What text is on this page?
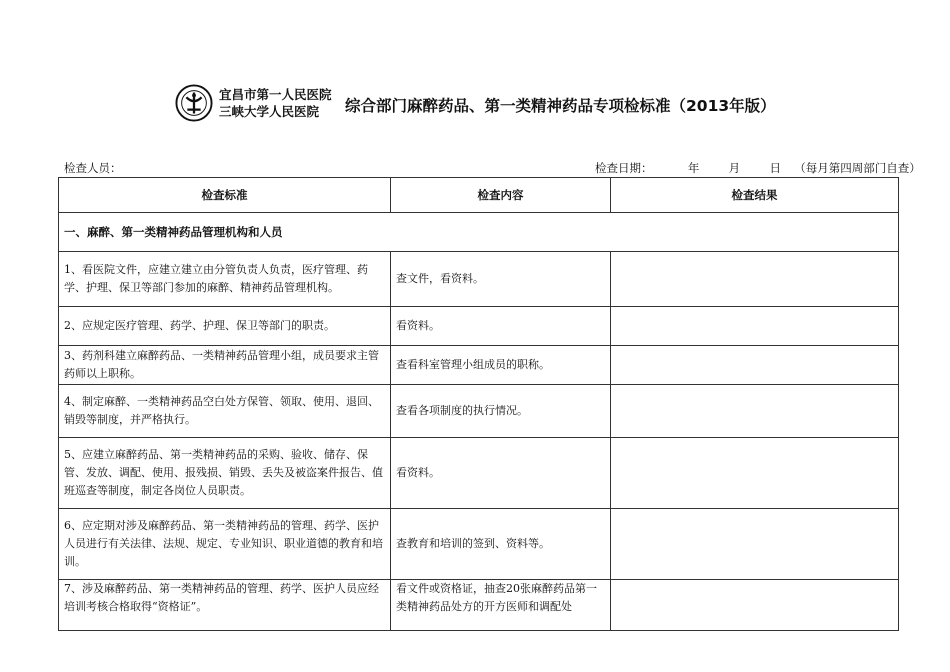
宜昌市第一人民医院
三峡大学人民医院	综合部门麻醉药品、第一类精神药品专项检标准（2013年版）
检查人员：	检查日期：	年	月	日 （每月第四周部门自查）
检查标准	检查内容	检查结果
一、麻醉、第一类精神药品管理机构和人员		
1、看医院文件，应建立建立由分管负责人负责，医疗管理、药学、护理、保卫等部门参加的麻醉、精神药品管理机构。	查文件，看资料。	
2、应规定医疗管理、药学、护理、保卫等部门的职责。	看资料。	
3、药剂科建立麻醉药品、一类精神药品管理小组，成员要求主管药师以上职称。	查看科室管理小组成员的职称。	
4、制定麻醉、一类精神药品空白处方保管、领取、使用、退回、销毁等制度，并严格执行。	查看各项制度的执行情况。	
5、应建立麻醉药品、第一类精神药品的采购、验收、储存、保管、发放、调配、使用、报残损、销毁、丢失及被盗案件报告、值班巡查等制度，制定各岗位人员职责。	看资料。	
6、应定期对涉及麻醉药品、第一类精神药品的管理、药学、医护人员进行有关法律、法规、规定、专业知识、职业道德的教育和培训。	查教育和培训的签到、资料等。	
7、涉及麻醉药品、第一类精神药品的管理、药学、医护人员应经培训考核合格取得“资格证”。	看文件或资格证，抽查20张麻醉药品第一类精神药品处方的开方医师和调配处	
